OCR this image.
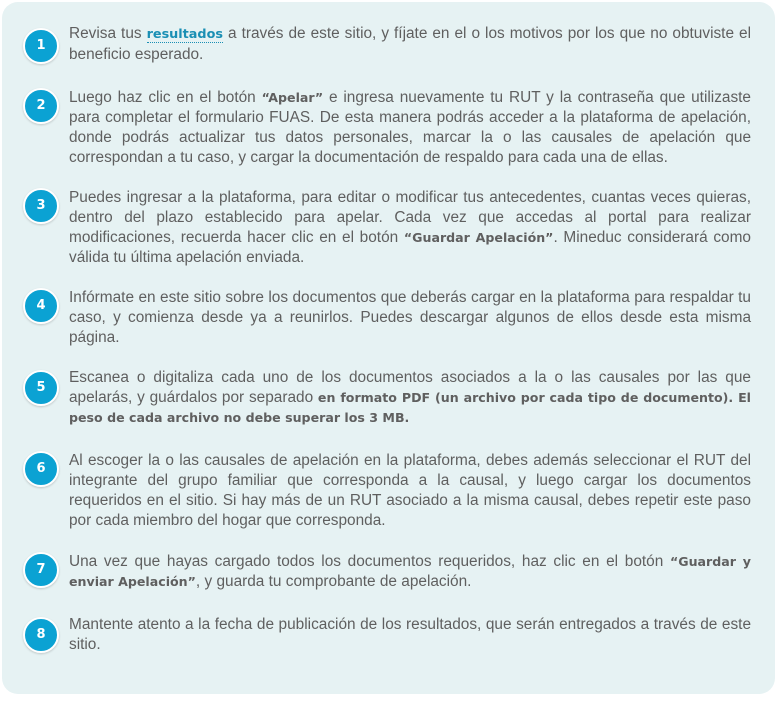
1

Revisa tus resultados a través de este sitio, y fíjate en el o los motivos por los que no obtuviste el beneficio esperado.

2	Luego haz clic en el botón “Apelar” e ingresa nuevamente tu RUT y la contraseña que utilizaste para completar el formulario FUAS. De esta manera podrás acceder a la plataforma de apelación, donde podrás actualizar tus datos personales, marcar la o las causales de apelación que correspondan a tu caso, y cargar la documentación de respaldo para cada una de ellas.

3	Puedes ingresar a la plataforma, para editar o modificar tus antecedentes, cuantas veces quieras, dentro del plazo establecido para apelar. Cada vez que accedas al portal para realizar modificaciones, recuerda hacer clic en el botón “Guardar Apelación”. Mineduc considerará como válida tu última apelación enviada.

4	Infórmate en este sitio sobre los documentos que deberás cargar en la plataforma para respaldar tu caso, y comienza desde ya a reunirlos. Puedes descargar algunos de ellos desde esta misma página.

5

Escanea o digitaliza cada uno de los documentos asociados a la o las causales por las que apelarás, y guárdalos por separado en formato PDF (un archivo por cada tipo de documento). El peso de cada archivo no debe superar los 3 MB.

6	Al escoger la o las causales de apelación en la plataforma, debes además seleccionar el RUT del integrante del grupo familiar que corresponda a la causal, y luego cargar los documentos requeridos en el sitio. Si hay más de un RUT asociado a la misma causal, debes repetir este paso por cada miembro del hogar que corresponda.

7	Una vez que hayas cargado todos los documentos requeridos, haz clic en el botón “Guardar y enviar Apelación”, y guarda tu comprobante de apelación.

8

Mantente atento a la fecha de publicación de los resultados, que serán entregados a través de este sitio.
